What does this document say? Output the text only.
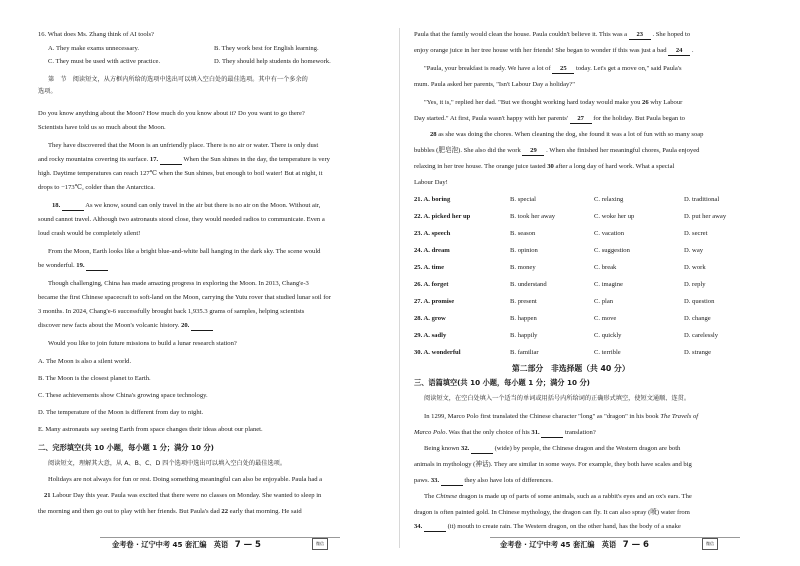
16. What does Ms. Zhang think of AI tools?
A. They make exams unnecessary.	B. They work best for English learning.
C. They must be used with active practice.	D. They should help students do homework.
第　节　阅读短文，从方框内所给的选项中选出可以填入空白处的最佳选项。其中有一个多余的
选项。
Do you know anything about the Moon? How much do you know about it? Do you want to go there?
Scientists have told us so much about the Moon.
They have discovered that the Moon is an unfriendly place. There is no air or water. There is only dust
and rocky mountains covering its surface. 17.	When the Sun shines in the day, the temperature is very
high. Daytime temperatures can reach 127℃ when the Sun shines, but enough to boil water! But at night, it
drops to −173℃, colder than the Antarctica.
18.	As we know, sound can only travel in the air but there is no air on the Moon. Without air,
sound cannot travel. Although two astronauts stood close, they would needed radios to communicate. Even a
loud crash would be completely silent!
From the Moon, Earth looks like a bright blue-and-white ball hanging in the dark sky. The scene would
be wonderful. 19.
Though challenging, China has made amazing progress in exploring the Moon. In 2013, Chang'e-3
became the first Chinese spacecraft to soft-land on the Moon, carrying the Yutu rover that studied lunar soil for
3 months. In 2024, Chang'e-6 successfully brought back 1,935.3 grams of samples, helping scientists
discover new facts about the Moon's volcanic history. 20.
Would you like to join future missions to build a lunar research station?
A. The Moon is also a silent world.
B. The Moon is the closest planet to Earth.
C. These achievements show China's growing space technology.
D. The temperature of the Moon is different from day to night.
E. Many astronauts say seeing Earth from space changes their ideas about our planet.
二、完形填空(共 10 小题，每小题 1 分；满分 10 分)
阅读短文，理解其大意，从 A、B、C、D 四个选项中选出可以填入空白处的最佳选项。
Holidays are not always for fun or rest. Doing something meaningful can also be enjoyable. Paula had a
21 Labour Day this year. Paula was excited that there were no classes on Monday. She wanted to sleep in
the morning and then go out to play with her friends. But Paula's dad 22 early that morning. He said
金考卷 · 辽宁中考 45 套汇编　英语 7 — 5	微信
Paula that the family would clean the house. Paula couldn't believe it. This was a 23 . She hoped to
enjoy orange juice in her tree house with her friends! She began to wonder if this was just a bad 24 .
"Paula, your breakfast is ready. We have a lot of 25 today. Let's get a move on," said Paula's
mum. Paula asked her parents, "Isn't Labour Day a holiday?"
"Yes, it is," replied her dad. "But we thought working hard today would make you 26 why Labour
Day started." At first, Paula wasn't happy with her parents' 27 for the holiday. But Paula began to
28 as she was doing the chores. When cleaning the dog, she found it was a lot of fun with so many soap
bubbles (肥皂泡). She also did the work 29 . When she finished her meaningful chores, Paula enjoyed
relaxing in her tree house. The orange juice tasted 30 after a long day of hard work. What a special
Labour Day!
21. A. boring	B. special	C. relaxing	D. traditional
22. A. picked her up	B. took her away	C. woke her up	D. put her away
23. A. speech	B. season	C. vacation	D. secret
24. A. dream	B. opinion	C. suggestion	D. way
25. A. time	B. money	C. break	D. work
26. A. forget	B. understand	C. imagine	D. reply
27. A. promise	B. present	C. plan	D. question
28. A. grow	B. happen	C. move	D. change
29. A. sadly	B. happily	C. quickly	D. carelessly
30. A. wonderful	B. familiar	C. terrible	D. strange
第二部分　非选择题（共 40 分）
三、语篇填空(共 10 小题，每小题 1 分；满分 10 分)
阅读短文，在空白处填入一个适当的单词或用括号内所给词的正确形式填空，使短文通顺、连贯。
In 1299, Marco Polo first translated the Chinese character "long" as "dragon" in his book The Travels of
Marco Polo. Was that the only choice of his 31.	translation?
Being known 32.	(wide) by people, the Chinese dragon and the Western dragon are both
animals in mythology (神话). They are similar in some ways. For example, they both have scales and big
paws. 33.	they also have lots of differences.
The Chinese dragon is made up of parts of some animals, such as a rabbit's eyes and an ox's ears. The
dragon is often painted gold. In Chinese mythology, the dragon can fly. It can also spray (喷) water from
34.	(it) mouth to create rain. The Western dragon, on the other hand, has the body of a snake
金考卷 · 辽宁中考 45 套汇编　英语 7 — 6	微信
